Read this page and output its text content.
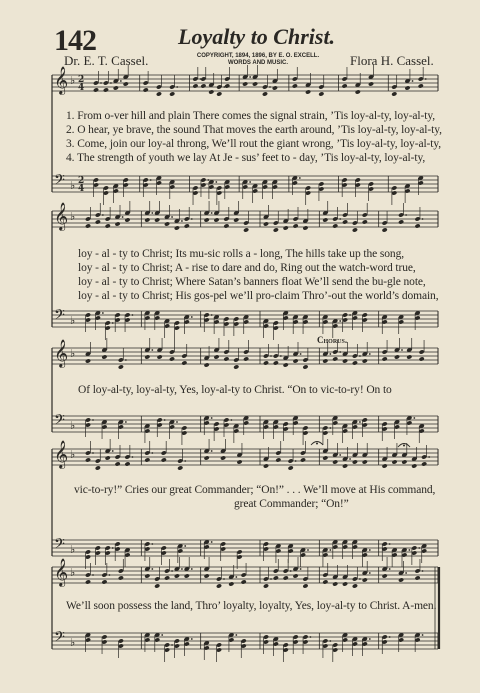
142	Loyalty to Christ.
Dr. E. T. Cassel.	COPYRIGHT, 1894, 1896, BY E. O. EXCELL.
WORDS AND MUSIC.	Flora H. Cassel.
𝄞
𝄢
♭
♭
2
2
4
4
𝄞
𝄢
♭
♭
𝄞
𝄢
♭
♭
𝄞
𝄢
♭
♭
𝄞
𝄢
♭
♭
1. From o-ver hill and plain There comes the signal strain, ’Tis loy-al-ty, loy-al-ty,
2. O hear, ye brave, the sound That moves the earth around, ’Tis loy-al-ty, loy-al-ty,
3. Come, join our loy-al throng, We’ll rout the giant wrong, ’Tis loy-al-ty, loy-al-ty,
4. The strength of youth we lay At Je - sus’ feet to - day, ’Tis loy-al-ty, loy-al-ty,
loy - al - ty to Christ; Its mu-sic rolls a - long, The hills take up the song,
loy - al - ty to Christ; A - rise to dare and do, Ring out the watch-word true,
loy - al - ty to Christ; Where Satan’s banners float We’ll send the bu-gle note,
loy - al - ty to Christ; His gos-pel we’ll pro-claim Thro’-out the world’s domain,
Chorus.
Of loy-al-ty, loy-al-ty, Yes, loy-al-ty to Christ. “On to vic-to-ry! On to
vic-to-ry!” Cries our great Commander; “On!” . . . We’ll move at His command,
great Commander; “On!”
We’ll soon possess the land, Thro’ loyalty, loyalty, Yes, loy-al-ty to Christ. A-men.
